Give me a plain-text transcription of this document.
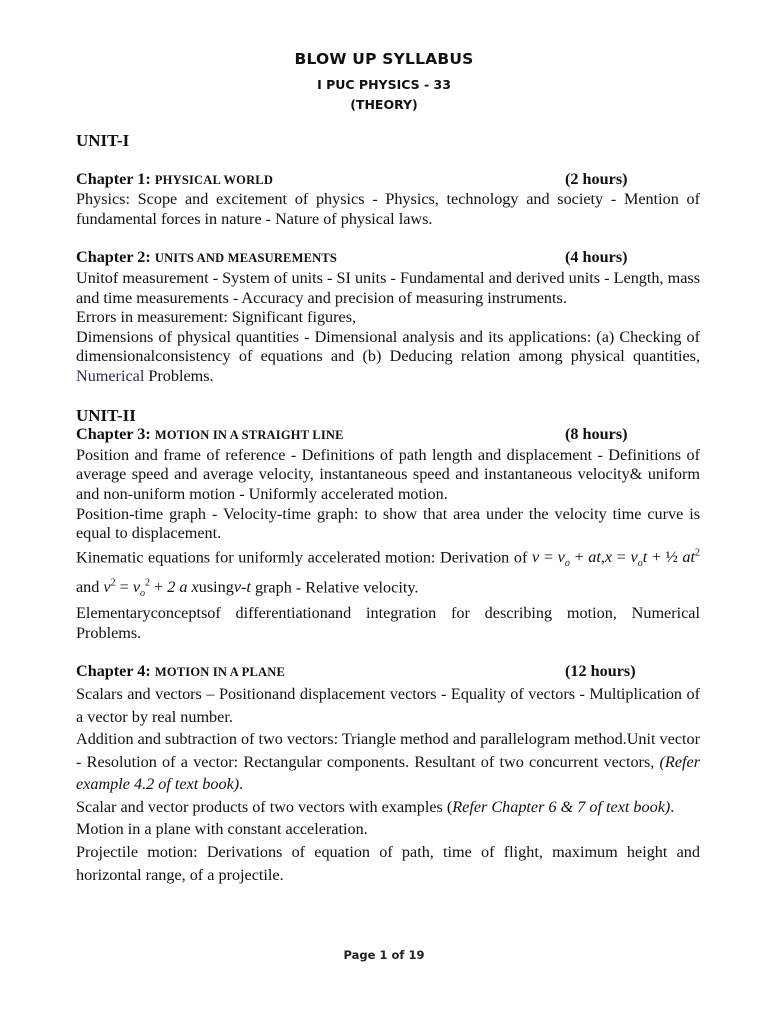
BLOW UP SYLLABUS
I PUC PHYSICS - 33
(THEORY)
UNIT-I
Chapter 1: PHYSICAL WORLD	(2 hours)

Physics: Scope and excitement of physics - Physics, technology and society - Mention of fundamental forces in nature - Nature of physical laws.

Chapter 2: UNITS AND MEASUREMENTS	(4 hours)

Unitof measurement - System of units - SI units - Fundamental and derived units - Length, mass and time measurements - Accuracy and precision of measuring instruments.

Errors in measurement: Significant figures,

Dimensions of physical quantities - Dimensional analysis and its applications: (a) Checking of dimensionalconsistency of equations and (b) Deducing relation among physical quantities, Numerical Problems.

UNIT-II
Chapter 3: MOTION IN A STRAIGHT LINE	(8 hours)

Position and frame of reference - Definitions of path length and displacement - Definitions of average speed and average velocity, instantaneous speed and instantaneous velocity& uniform and non-uniform motion - Uniformly accelerated motion.

Position-time graph - Velocity-time graph: to show that area under the velocity time curve is equal to displacement.

Kinematic equations for uniformly accelerated motion: Derivation of $v = v_o + at,x = v_ot$ + ½ $at^2$ and $v^2 = v_o^2 + 2$ a xusingv-t graph - Relative velocity.

Elementaryconceptsof differentiationand integration for describing motion, Numerical Problems.

Chapter 4: MOTION IN A PLANE	(12 hours)

Scalars and vectors – Positionand displacement vectors - Equality of vectors - Multiplication of a vector by real number.

Addition and subtraction of two vectors: Triangle method and parallelogram method.Unit vector - Resolution of a vector: Rectangular components. Resultant of two concurrent vectors, (Refer example 4.2 of text book).

Scalar and vector products of two vectors with examples (Refer Chapter 6 & 7 of text book).

Motion in a plane with constant acceleration.

Projectile motion: Derivations of equation of path, time of flight, maximum height and horizontal range, of a projectile.

Page 1 of 19
